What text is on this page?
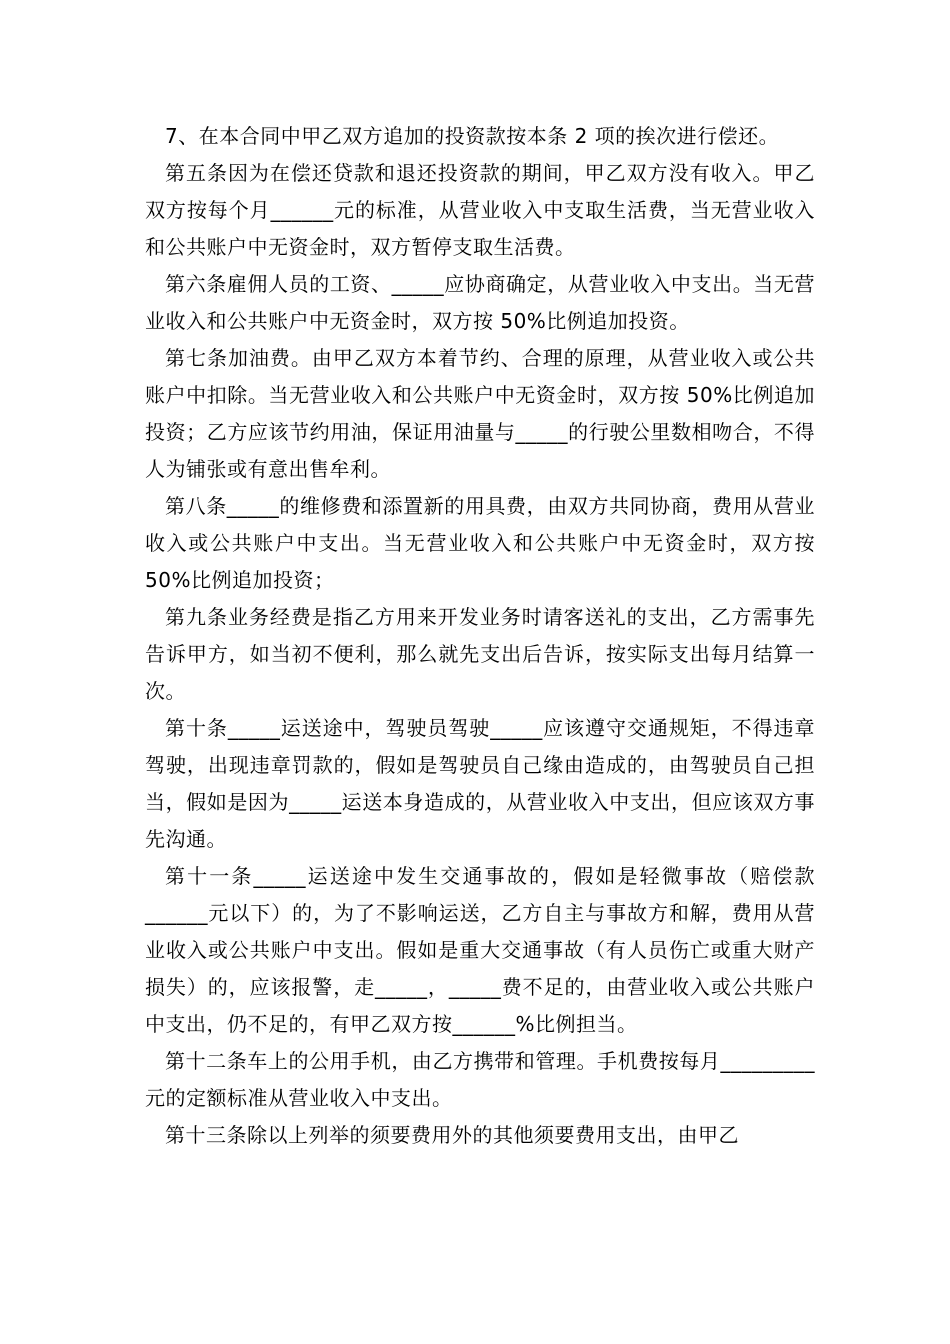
7、在本合同中甲乙双方追加的投资款按本条 2 项的挨次进行偿还。

第五条因为在偿还贷款和退还投资款的期间，甲乙双方没有收入。甲乙双方按每个月______元的标准，从营业收入中支取生活费，当无营业收入和公共账户中无资金时，双方暂停支取生活费。

第六条雇佣人员的工资、_____应协商确定，从营业收入中支出。当无营业收入和公共账户中无资金时，双方按 50%比例追加投资。

第七条加油费。由甲乙双方本着节约、合理的原理，从营业收入或公共账户中扣除。当无营业收入和公共账户中无资金时，双方按 50%比例追加投资；乙方应该节约用油，保证用油量与_____的行驶公里数相吻合，不得人为铺张或有意出售牟利。

第八条_____的维修费和添置新的用具费，由双方共同协商，费用从营业收入或公共账户中支出。当无营业收入和公共账户中无资金时，双方按 50%比例追加投资；

第九条业务经费是指乙方用来开发业务时请客送礼的支出，乙方需事先告诉甲方，如当初不便利，那么就先支出后告诉，按实际支出每月结算一次。

第十条_____运送途中，驾驶员驾驶_____应该遵守交通规矩，不得违章驾驶，出现违章罚款的，假如是驾驶员自己缘由造成的，由驾驶员自己担当，假如是因为_____运送本身造成的，从营业收入中支出，但应该双方事先沟通。

第十一条_____运送途中发生交通事故的，假如是轻微事故（赔偿款______元以下）的，为了不影响运送，乙方自主与事故方和解，费用从营业收入或公共账户中支出。假如是重大交通事故（有人员伤亡或重大财产损失）的，应该报警，走_____，_____费不足的，由营业收入或公共账户中支出，仍不足的，有甲乙双方按______%比例担当。

第十二条车上的公用手机，由乙方携带和管理。手机费按每月_________元的定额标准从营业收入中支出。

第十三条除以上列举的须要费用外的其他须要费用支出，由甲乙
